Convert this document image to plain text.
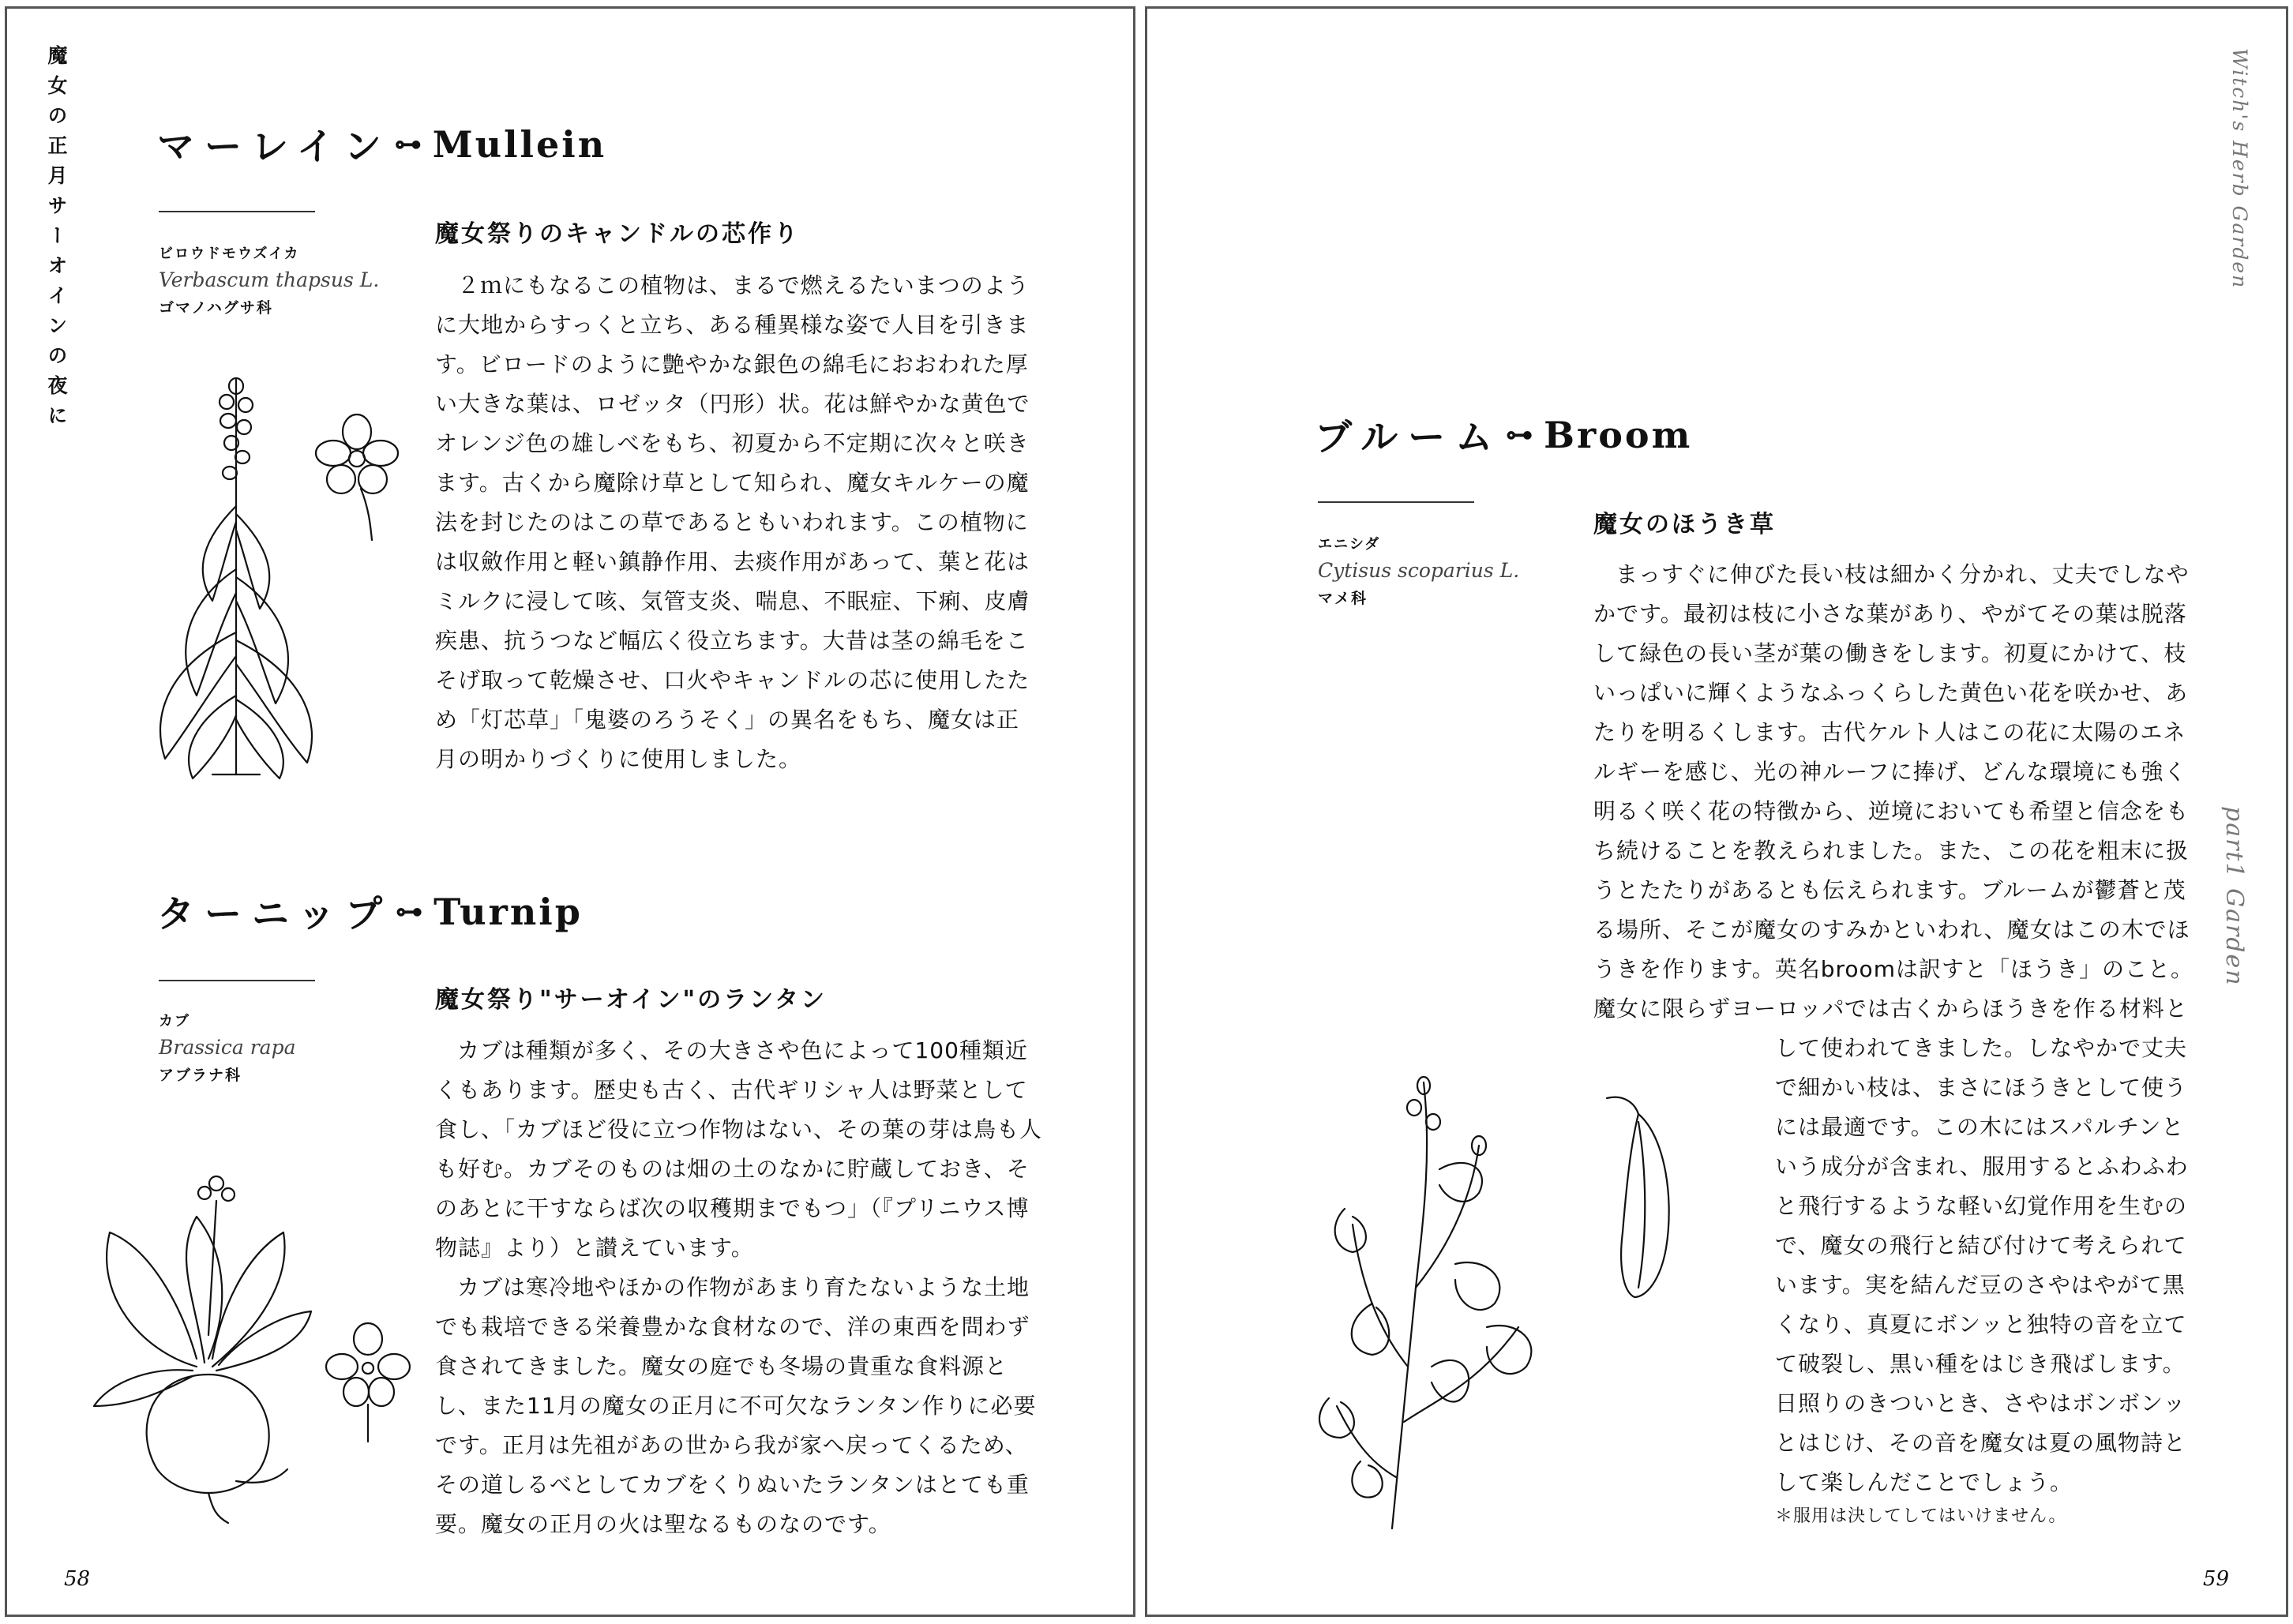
魔女の正月サーオインの夜に マーレイン ⊶ Mullein
ビロウドモウズイカ
Verbascum thapsus L.
ゴマノハグサ科
魔女祭りのキャンドルの芯作り

２ｍにもなるこの植物は、まるで燃えるたいまつのように大地からすっくと立ち、ある種異様な姿で人目を引きます。ビロードのように艶やかな銀色の綿毛におおわれた厚い大きな葉は、ロゼッタ（円形）状。花は鮮やかな黄色でオレンジ色の雄しべをもち、初夏から不定期に次々と咲きます。古くから魔除け草として知られ、魔女キルケーの魔法を封じたのはこの草であるともいわれます。この植物には収斂作用と軽い鎮静作用、去痰作用があって、葉と花はミルクに浸して咳、気管支炎、喘息、不眠症、下痢、皮膚疾患、抗うつなど幅広く役立ちます。大昔は茎の綿毛をこそげ取って乾燥させ、口火やキャンドルの芯に使用したため「灯芯草」「鬼婆のろうそく」の異名をもち、魔女は正月の明かりづくりに使用しました。

ターニップ ⊶ Turnip
カブ
Brassica rapa
アブラナ科
魔女祭り"サーオイン"のランタン

カブは種類が多く、その大きさや色によって100種類近くもあります。歴史も古く、古代ギリシャ人は野菜として食し、「カブほど役に立つ作物はない、その葉の芽は鳥も人も好む。カブそのものは畑の土のなかに貯蔵しておき、そのあとに干すならば次の収穫期までもつ」（『プリニウス博物誌』より）と讃えています。

カブは寒冷地やほかの作物があまり育たないような土地でも栽培できる栄養豊かな食材なので、洋の東西を問わず食されてきました。魔女の庭でも冬場の貴重な食料源とし、また11月の魔女の正月に不可欠なランタン作りに必要です。正月は先祖があの世から我が家へ戻ってくるため、その道しるべとしてカブをくりぬいたランタンはとても重要。魔女の正月の火は聖なるものなのです。

58
Witch's Herb Garden
part1 Garden
ブルーム ⊶ Broom
エニシダ
Cytisus scoparius L.
マメ科
魔女のほうき草

まっすぐに伸びた長い枝は細かく分かれ、丈夫でしなやかです。最初は枝に小さな葉があり、やがてその葉は脱落して緑色の長い茎が葉の働きをします。初夏にかけて、枝いっぱいに輝くようなふっくらした黄色い花を咲かせ、あたりを明るくします。古代ケルト人はこの花に太陽のエネルギーを感じ、光の神ルーフに捧げ、どんな環境にも強く明るく咲く花の特徴から、逆境においても希望と信念をもち続けることを教えられました。また、この花を粗末に扱うとたたりがあるとも伝えられます。ブルームが鬱蒼と茂る場所、そこが魔女のすみかといわれ、魔女はこの木でほうきを作ります。英名broomは訳すと「ほうき」のこと。魔女に限らずヨーロッパでは古くからほうきを作る材料と

して使われてきました。しなやかで丈夫で細かい枝は、まさにほうきとして使うには最適です。この木にはスパルチンという成分が含まれ、服用するとふわふわと飛行するような軽い幻覚作用を生むので、魔女の飛行と結び付けて考えられています。実を結んだ豆のさやはやがて黒くなり、真夏にボンッと独特の音を立てて破裂し、黒い種をはじき飛ばします。日照りのきついとき、さやはボンボンッとはじけ、その音を魔女は夏の風物詩として楽しんだことでしょう。

＊服用は決してしてはいけません。
59
